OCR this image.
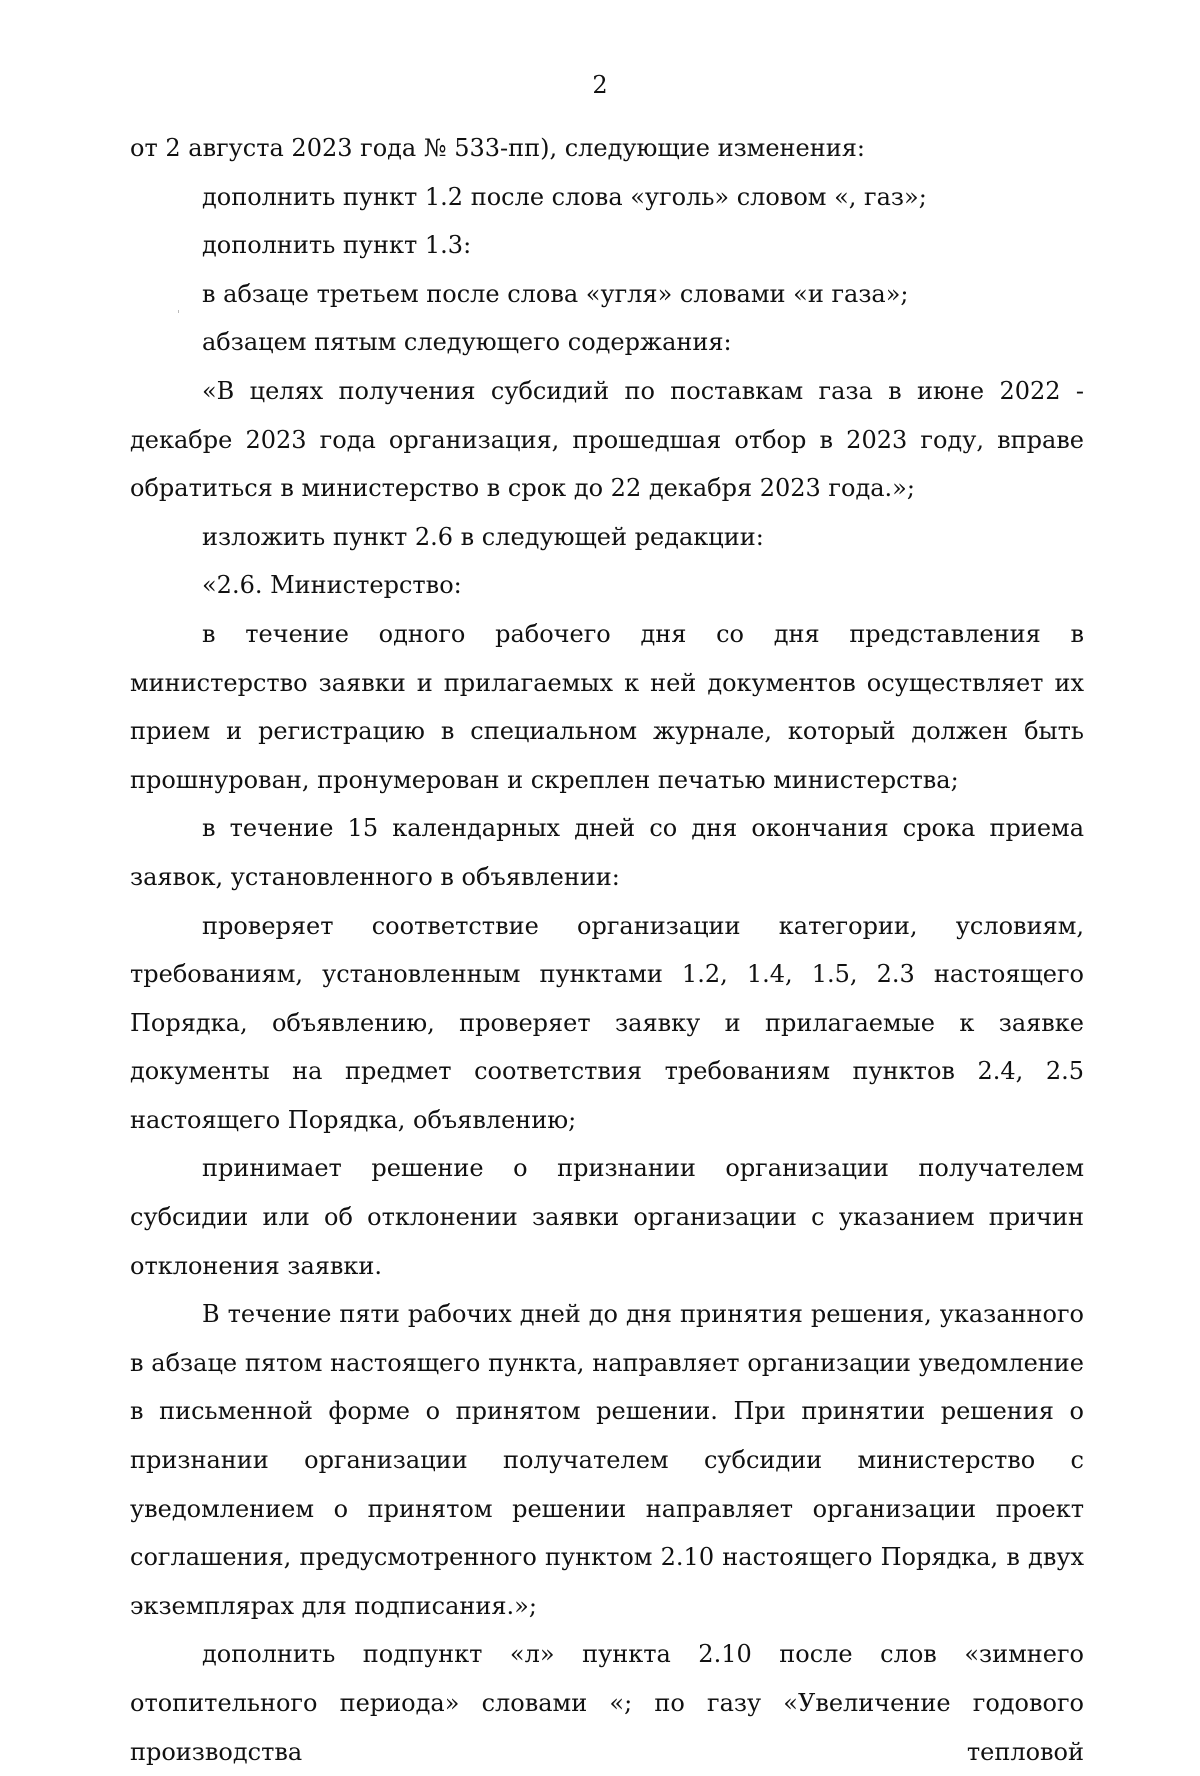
2

от 2 августа 2023 года № 533-пп), следующие изменения:

дополнить пункт 1.2 после слова «уголь» словом «, газ»;

дополнить пункт 1.3:

в абзаце третьем после слова «угля» словами «и газа»;

абзацем пятым следующего содержания:

«В целях получения субсидий по поставкам газа в июне 2022 - декабре 2023 года организация, прошедшая отбор в 2023 году, вправе обратиться в министерство в срок до 22 декабря 2023 года.»;

изложить пункт 2.6 в следующей редакции:

«2.6. Министерство:

в течение одного рабочего дня со дня представления в министерство заявки и прилагаемых к ней документов осуществляет их прием и регистрацию в специальном журнале, который должен быть прошнурован, пронумерован и скреплен печатью министерства;

в течение 15 календарных дней со дня окончания срока приема заявок, установленного в объявлении:

проверяет соответствие организации категории, условиям, требованиям, установленным пунктами 1.2, 1.4, 1.5, 2.3 настоящего Порядка, объявлению, проверяет заявку и прилагаемые к заявке документы на предмет соответствия требованиям пунктов 2.4, 2.5 настоящего Порядка, объявлению;

принимает решение о признании организации получателем субсидии или об отклонении заявки организации с указанием причин отклонения заявки.

В течение пяти рабочих дней до дня принятия решения, указанного в абзаце пятом настоящего пункта, направляет организации уведомление в письменной форме о принятом решении. При принятии решения о признании организации получателем субсидии министерство с уведомлением о принятом решении направляет организации проект соглашения, предусмотренного пунктом 2.10 настоящего Порядка, в двух экземплярах для подписания.»;

дополнить подпункт «л» пункта 2.10 после слов «зимнего отопительного периода» словами «; по газу «Увеличение годового производства тепловой
